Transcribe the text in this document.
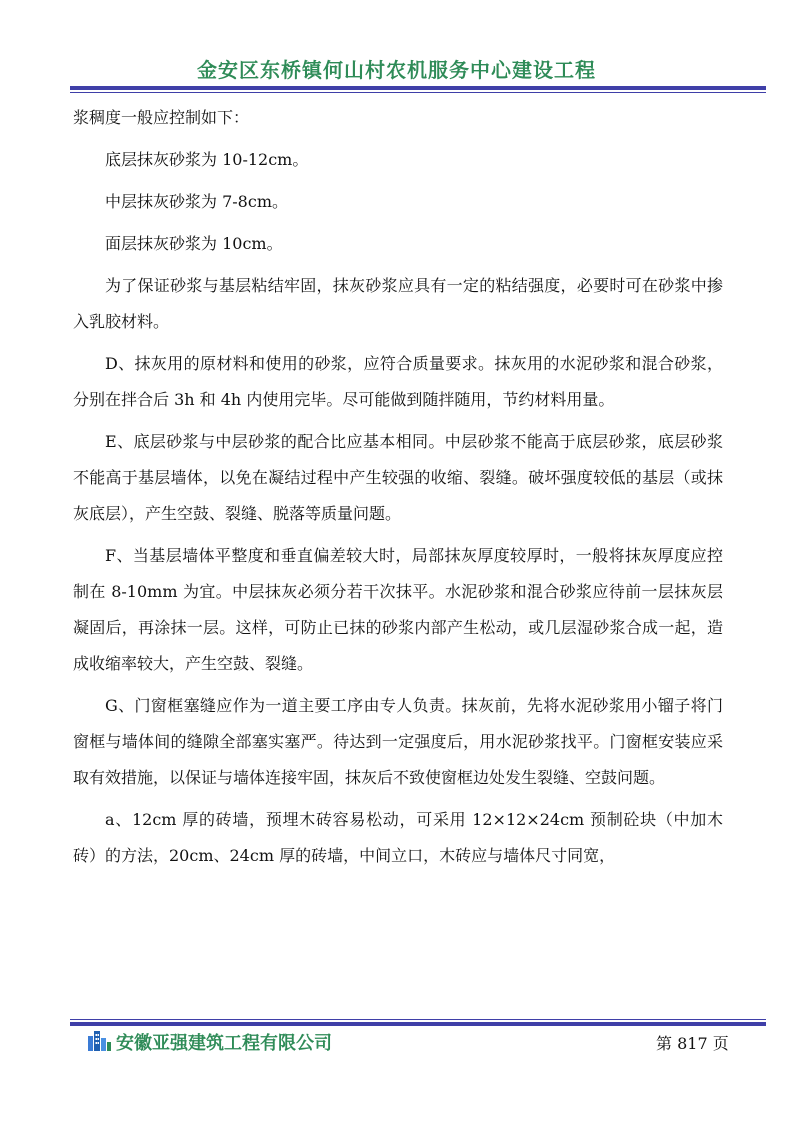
金安区东桥镇何山村农机服务中心建设工程

浆稠度一般应控制如下：

底层抹灰砂浆为 10-12cm。

中层抹灰砂浆为 7-8cm。

面层抹灰砂浆为 10cm。

为了保证砂浆与基层粘结牢固，抹灰砂浆应具有一定的粘结强度，必要时可在砂浆中掺入乳胶材料。

D、抹灰用的原材料和使用的砂浆，应符合质量要求。抹灰用的水泥砂浆和混合砂浆，分别在拌合后 3h 和 4h 内使用完毕。尽可能做到随拌随用，节约材料用量。

E、底层砂浆与中层砂浆的配合比应基本相同。中层砂浆不能高于底层砂浆，底层砂浆不能高于基层墙体，以免在凝结过程中产生较强的收缩、裂缝。破坏强度较低的基层（或抹灰底层），产生空鼓、裂缝、脱落等质量问题。

F、当基层墙体平整度和垂直偏差较大时，局部抹灰厚度较厚时，一般将抹灰厚度应控制在 8-10mm 为宜。中层抹灰必须分若干次抹平。水泥砂浆和混合砂浆应待前一层抹灰层凝固后，再涂抹一层。这样，可防止已抹的砂浆内部产生松动，或几层湿砂浆合成一起，造成收缩率较大，产生空鼓、裂缝。

G、门窗框塞缝应作为一道主要工序由专人负责。抹灰前，先将水泥砂浆用小镏子将门窗框与墙体间的缝隙全部塞实塞严。待达到一定强度后，用水泥砂浆找平。门窗框安装应采取有效措施，以保证与墙体连接牢固，抹灰后不致使窗框边处发生裂缝、空鼓问题。

a、12cm 厚的砖墙，预埋木砖容易松动，可采用 12×12×24cm 预制砼块（中加木砖）的方法，20cm、24cm 厚的砖墙，中间立口，木砖应与墙体尺寸同宽，

安徽亚强建筑工程有限公司	第 817 页
